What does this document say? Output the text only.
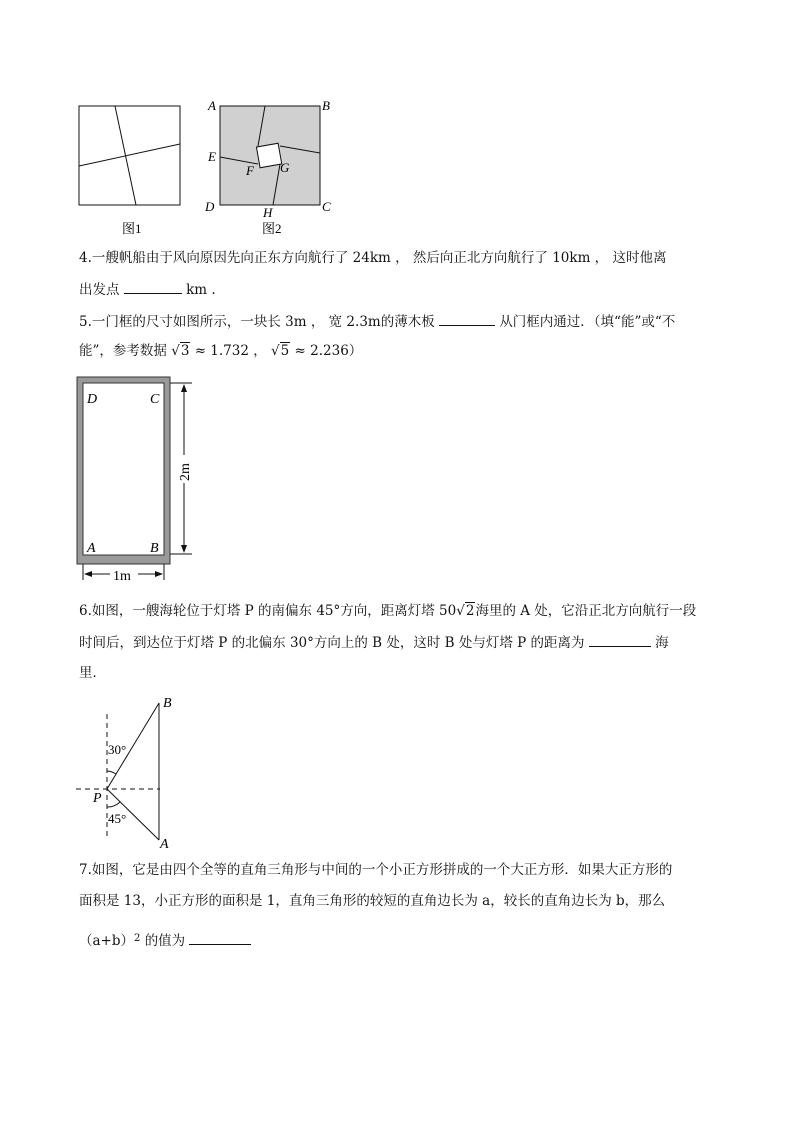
图1
A	B
E
F G
D	H	C
图2
4.一艘帆船由于风向原因先向正东方向航行了 24km ， 然后向正北方向航行了 10km ， 这时他离
出发点	km .
5.一门框的尺寸如图所示，一块长 3m ， 宽 2.3m的薄木板	从门框内通过．（填“能”或“不
能”，参考数据 √3 ≈ 1.732 ， √5 ≈ 2.236）
D	C
A	B
2m
1m
6.如图，一艘海轮位于灯塔 P 的南偏东 45°方向，距离灯塔 50√2海里的 A 处，它沿正北方向航行一段
时间后，到达位于灯塔 P 的北偏东 30°方向上的 B 处，这时 B 处与灯塔 P 的距离为	海
里．
B
30°
P
45°
A
7.如图，它是由四个全等的直角三角形与中间的一个小正方形拼成的一个大正方形．如果大正方形的
面积是 13，小正方形的面积是 1，直角三角形的较短的直角边长为 a，较长的直角边长为 b，那么
$(a+b)^2$ 的值为
